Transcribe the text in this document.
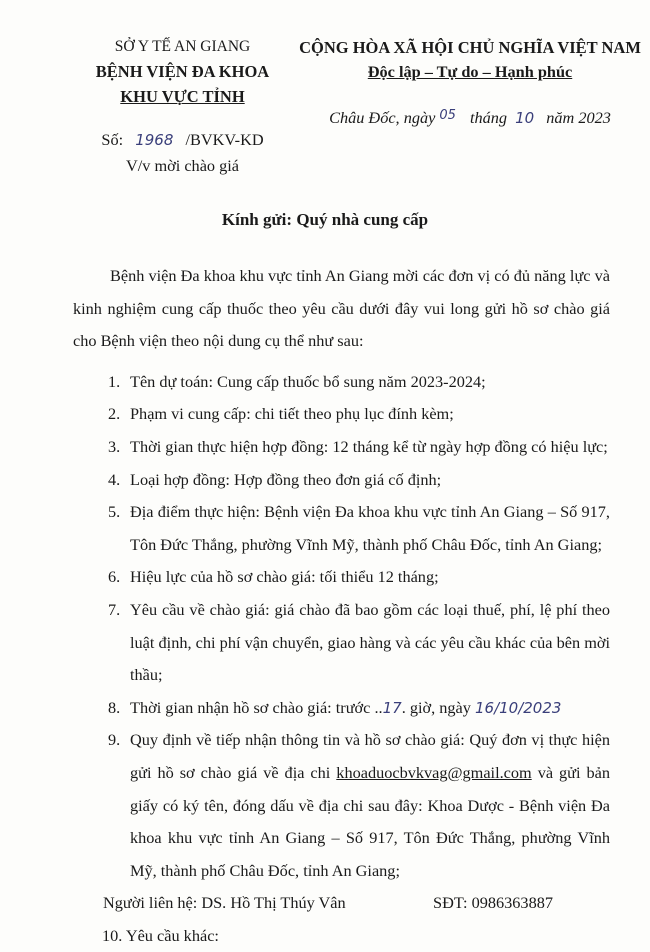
SỞ Y TẾ AN GIANG
BỆNH VIỆN ĐA KHOA
KHU VỰC TỈNH
Số: 1968 /BVKV-KD
V/v mời chào giá
CỘNG HÒA XÃ HỘI CHỦ NGHĨA VIỆT NAM
Độc lập – Tự do – Hạnh phúc
Châu Đốc, ngày $^{05}$ tháng 10 năm 2023
Kính gửi: Quý nhà cung cấp

Bệnh viện Đa khoa khu vực tỉnh An Giang mời các đơn vị có đủ năng lực và kinh nghiệm cung cấp thuốc theo yêu cầu dưới đây vui long gửi hồ sơ chào giá cho Bệnh viện theo nội dung cụ thể như sau:

1. Tên dự toán: Cung cấp thuốc bổ sung năm 2023-2024;
2. Phạm vi cung cấp: chi tiết theo phụ lục đính kèm;
3. Thời gian thực hiện hợp đồng: 12 tháng kể từ ngày hợp đồng có hiệu lực;
4. Loại hợp đồng: Hợp đồng theo đơn giá cố định;
5. Địa điểm thực hiện: Bệnh viện Đa khoa khu vực tỉnh An Giang – Số 917, Tôn Đức Thắng, phường Vĩnh Mỹ, thành phố Châu Đốc, tỉnh An Giang;
6. Hiệu lực của hồ sơ chào giá: tối thiểu 12 tháng;
7. Yêu cầu về chào giá: giá chào đã bao gồm các loại thuế, phí, lệ phí theo luật định, chi phí vận chuyển, giao hàng và các yêu cầu khác của bên mời thầu;
8. Thời gian nhận hồ sơ chào giá: trước ..17. giờ, ngày 16/10/2023
9. Quy định về tiếp nhận thông tin và hồ sơ chào giá: Quý đơn vị thực hiện gửi hồ sơ chào giá về địa chi khoaduocbvkvag@gmail.com và gửi bản giấy có ký tên, đóng dấu về địa chi sau đây: Khoa Dược - Bệnh viện Đa khoa khu vực tỉnh An Giang – Số 917, Tôn Đức Thắng, phường Vĩnh Mỹ, thành phố Châu Đốc, tỉnh An Giang;
Người liên hệ: DS. Hồ Thị Thúy Vân	SĐT: 0986363887
10. Yêu cầu khác:
